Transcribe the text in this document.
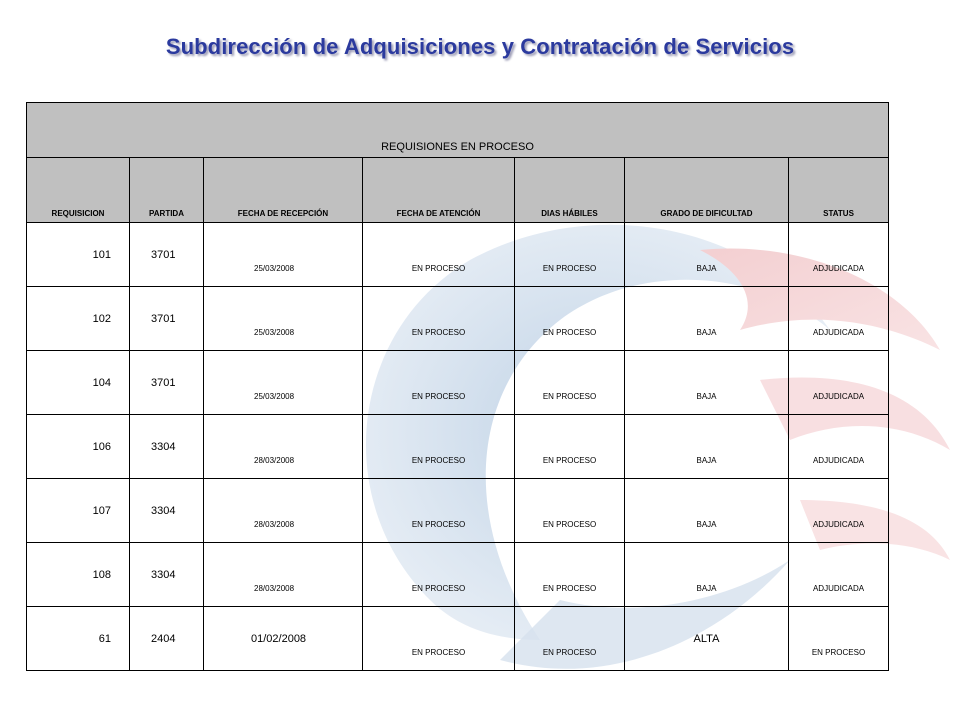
Subdirección de Adquisiciones y Contratación de Servicios
REQUISIONES EN PROCESO						
REQUISICION	PARTIDA	FECHA DE RECEPCIÓN	FECHA DE ATENCIÓN	DIAS HÁBILES	GRADO DE DIFICULTAD	STATUS
101	3701	25/03/2008	EN PROCESO	EN PROCESO	BAJA	ADJUDICADA
102	3701	25/03/2008	EN PROCESO	EN PROCESO	BAJA	ADJUDICADA
104	3701	25/03/2008	EN PROCESO	EN PROCESO	BAJA	ADJUDICADA
106	3304	28/03/2008	EN PROCESO	EN PROCESO	BAJA	ADJUDICADA
107	3304	28/03/2008	EN PROCESO	EN PROCESO	BAJA	ADJUDICADA
108	3304	28/03/2008	EN PROCESO	EN PROCESO	BAJA	ADJUDICADA
61	2404	01/02/2008	EN PROCESO	EN PROCESO	ALTA	EN PROCESO
